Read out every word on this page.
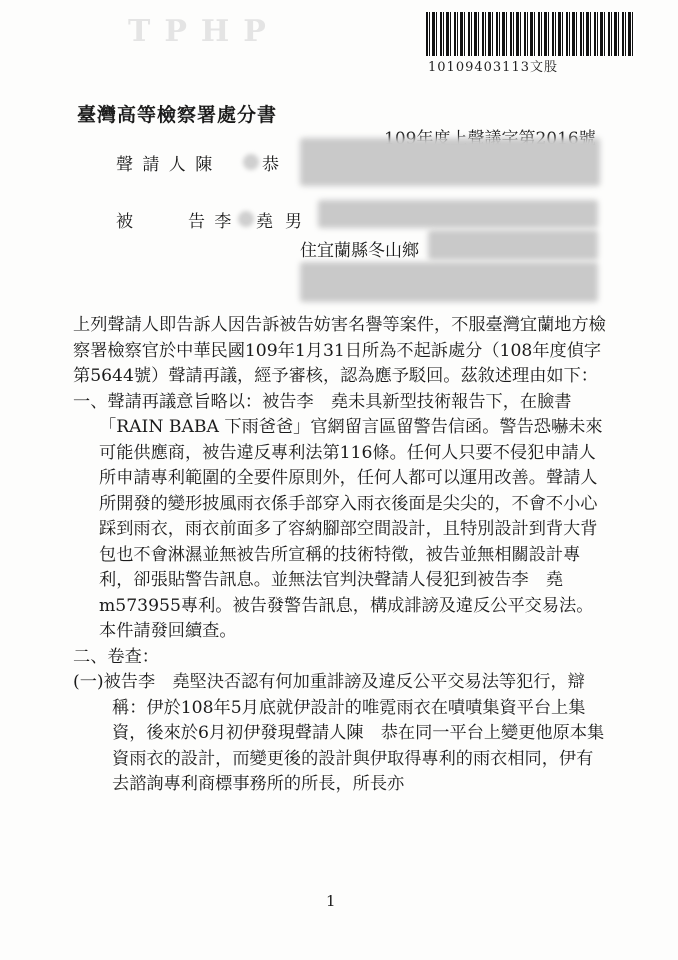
TPHP
10109403113文股
臺灣高等檢察署處分書
聲 請 人 陳	恭
被	告 李 堯 男
住宜蘭縣冬山鄉

上列聲請人即告訴人因告訴被告妨害名譽等案件，不服臺灣宜蘭地方檢察署檢察官於中華民國109年1月31日所為不起訴處分（108年度偵字第5644號）聲請再議，經予審核，認為應予駁回。茲敘述理由如下：

一、聲請再議意旨略以：被告李　堯未具新型技術報告下，在臉書「RAIN BABA 下雨爸爸」官網留言區留警告信函。警告恐嚇未來可能供應商，被告違反專利法第116條。任何人只要不侵犯申請人所申請專利範圍的全要件原則外，任何人都可以運用改善。聲請人所開發的變形披風雨衣係手部穿入雨衣後面是尖尖的，不會不小心踩到雨衣，雨衣前面多了容納腳部空間設計，且特別設計到背大背包也不會淋濕並無被告所宣稱的技術特徵，被告並無相關設計專利，卻張貼警告訊息。並無法官判決聲請人侵犯到被告李　堯m573955專利。被告發警告訊息，構成誹謗及違反公平交易法。本件請發回續查。

二、卷查：

(一)被告李　堯堅決否認有何加重誹謗及違反公平交易法等犯行，辯稱：伊於108年5月底就伊設計的唯霓雨衣在嘖嘖集資平台上集資，後來於6月初伊發現聲請人陳　恭在同一平台上變更他原本集資雨衣的設計，而變更後的設計與伊取得專利的雨衣相同，伊有去諮詢專利商標事務所的所長，所長亦

1
